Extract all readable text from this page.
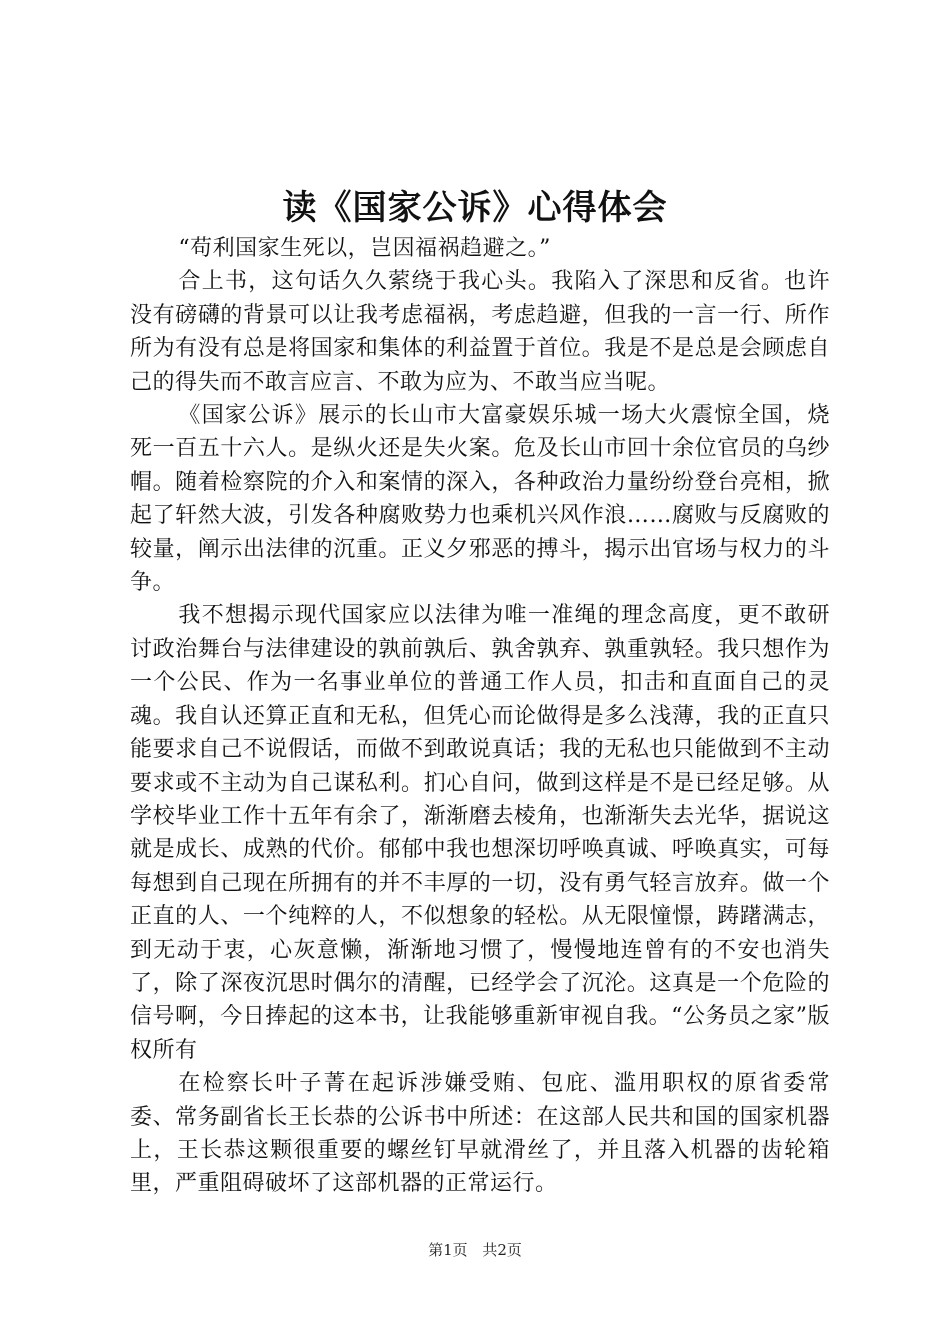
读《国家公诉》心得体会

“苟利国家生死以，岂因福祸趋避之。”

合上书，这句话久久萦绕于我心头。我陷入了深思和反省。也许没有磅礴的背景可以让我考虑福祸，考虑趋避，但我的一言一行、所作所为有没有总是将国家和集体的利益置于首位。我是不是总是会顾虑自己的得失而不敢言应言、不敢为应为、不敢当应当呢。

《国家公诉》展示的长山市大富豪娱乐城一场大火震惊全国，烧死一百五十六人。是纵火还是失火案。危及长山市回十余位官员的乌纱帽。随着检察院的介入和案情的深入，各种政治力量纷纷登台亮相，掀起了轩然大波，引发各种腐败势力也乘机兴风作浪……腐败与反腐败的较量，阐示出法律的沉重。正义夕邪恶的搏斗，揭示出官场与权力的斗争。

我不想揭示现代国家应以法律为唯一准绳的理念高度，更不敢研讨政治舞台与法律建设的孰前孰后、孰舍孰弃、孰重孰轻。我只想作为一个公民、作为一名事业单位的普通工作人员，扣击和直面自己的灵魂。我自认还算正直和无私，但凭心而论做得是多么浅薄，我的正直只能要求自己不说假话，而做不到敢说真话；我的无私也只能做到不主动要求或不主动为自己谋私利。扪心自问，做到这样是不是已经足够。从学校毕业工作十五年有余了，渐渐磨去棱角，也渐渐失去光华，据说这就是成长、成熟的代价。郁郁中我也想深切呼唤真诚、呼唤真实，可每每想到自己现在所拥有的并不丰厚的一切，没有勇气轻言放弃。做一个正直的人、一个纯粹的人，不似想象的轻松。从无限憧憬，踌躇满志，到无动于衷，心灰意懒，渐渐地习惯了，慢慢地连曾有的不安也消失了，除了深夜沉思时偶尔的清醒，已经学会了沉沦。这真是一个危险的信号啊，今日捧起的这本书，让我能够重新审视自我。“公务员之家”版权所有

在检察长叶子菁在起诉涉嫌受贿、包庇、滥用职权的原省委常委、常务副省长王长恭的公诉书中所述：在这部人民共和国的国家机器上，王长恭这颗很重要的螺丝钉早就滑丝了，并且落入机器的齿轮箱里，严重阻碍破坏了这部机器的正常运行。

第1页 共2页
